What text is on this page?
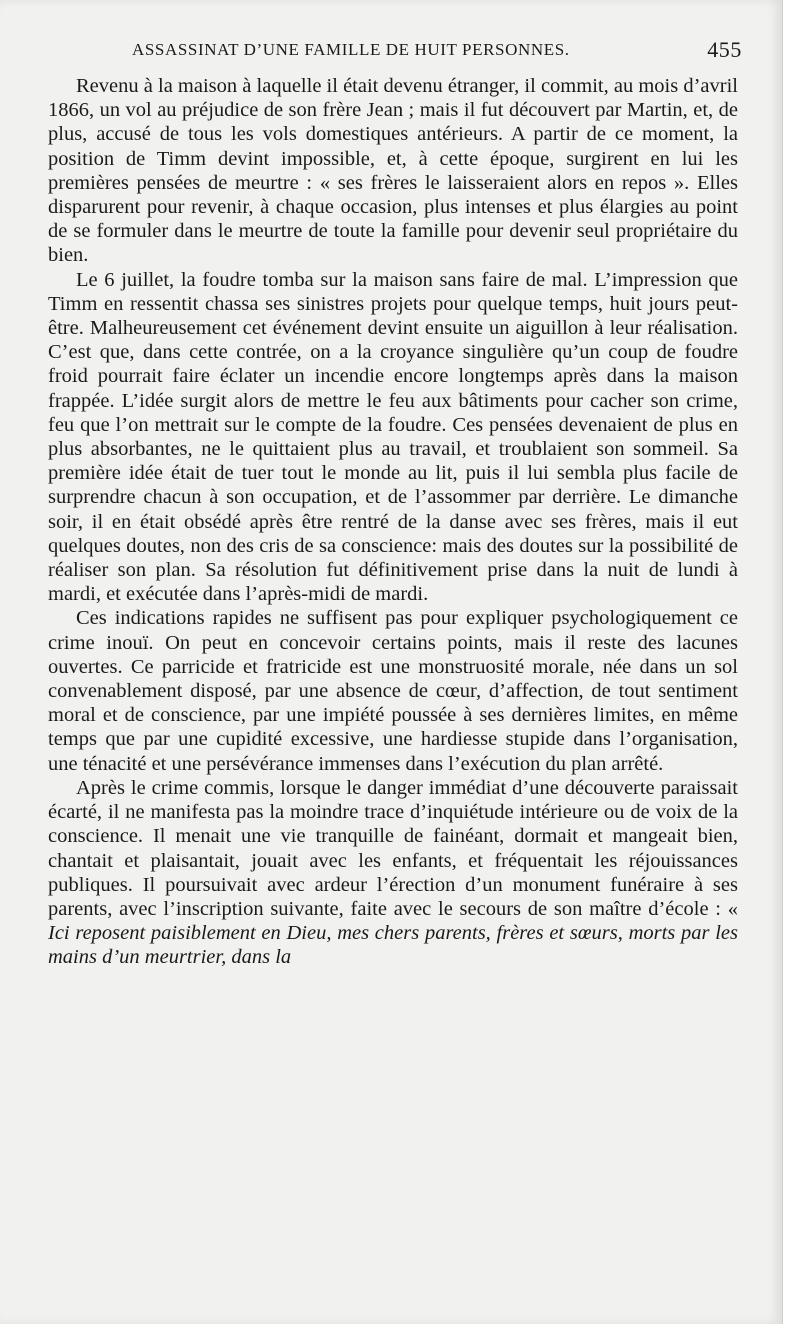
ASSASSINAT D’UNE FAMILLE DE HUIT PERSONNES.	455

Revenu à la maison à laquelle il était devenu étranger, il commit, au mois d’avril 1866, un vol au préjudice de son frère Jean ; mais il fut découvert par Martin, et, de plus, accusé de tous les vols domestiques antérieurs. A partir de ce moment, la position de Timm devint impossible, et, à cette époque, surgirent en lui les premières pensées de meurtre : « ses frères le laisseraient alors en repos ». Elles disparurent pour revenir, à chaque occasion, plus intenses et plus élargies au point de se formuler dans le meurtre de toute la famille pour devenir seul propriétaire du bien.

Le 6 juillet, la foudre tomba sur la maison sans faire de mal. L’impression que Timm en ressentit chassa ses sinistres projets pour quelque temps, huit jours peut-être. Malheureusement cet événement devint ensuite un aiguillon à leur réalisation. C’est que, dans cette contrée, on a la croyance singulière qu’un coup de foudre froid pourrait faire éclater un incendie encore longtemps après dans la maison frappée. L’idée surgit alors de mettre le feu aux bâtiments pour cacher son crime, feu que l’on mettrait sur le compte de la foudre. Ces pensées devenaient de plus en plus absorbantes, ne le quittaient plus au travail, et troublaient son sommeil. Sa première idée était de tuer tout le monde au lit, puis il lui sembla plus facile de surprendre chacun à son occupation, et de l’assommer par derrière. Le dimanche soir, il en était obsédé après être rentré de la danse avec ses frères, mais il eut quelques doutes, non des cris de sa conscience: mais des doutes sur la possibilité de réaliser son plan. Sa résolution fut définitivement prise dans la nuit de lundi à mardi, et exécutée dans l’après-midi de mardi.

Ces indications rapides ne suffisent pas pour expliquer psychologiquement ce crime inouï. On peut en concevoir certains points, mais il reste des lacunes ouvertes. Ce parricide et fratricide est une monstruosité morale, née dans un sol convenablement disposé, par une absence de cœur, d’affection, de tout sentiment moral et de conscience, par une impiété poussée à ses dernières limites, en même temps que par une cupidité excessive, une hardiesse stupide dans l’organisation, une ténacité et une persévérance immenses dans l’exécution du plan arrêté.

Après le crime commis, lorsque le danger immédiat d’une découverte paraissait écarté, il ne manifesta pas la moindre trace d’inquiétude intérieure ou de voix de la conscience. Il menait une vie tranquille de fainéant, dormait et mangeait bien, chantait et plaisantait, jouait avec les enfants, et fréquentait les réjouissances publiques. Il poursuivait avec ardeur l’érection d’un monument funéraire à ses parents, avec l’inscription suivante, faite avec le secours de son maître d’école : « Ici reposent paisiblement en Dieu, mes chers parents, frères et sœurs, morts par les mains d’un meurtrier, dans la
